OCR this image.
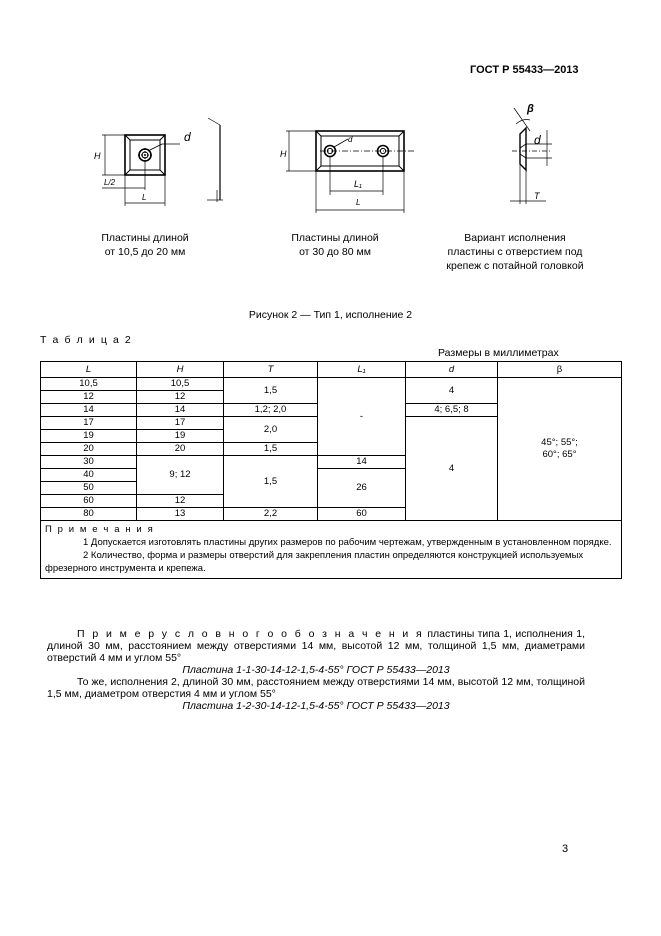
ГОСТ Р 55433—2013
d
H
L/2
L
H
d
L₁
L
β
d
T
Пластины длиной
от 10,5 до 20 мм
Пластины длиной
от 30 до 80 мм
Вариант исполнения
пластины с отверстием под
крепеж с потайной головкой
Рисунок 2 — Тип 1, исполнение 2
Т а б л и ц а 2
Размеры в миллиметрах
L	H	T	L₁	d	β
10,5	10,5	1,5	-	4	45°; 55°;
60°; 65°

12	12				
14	14	1,2; 2,0		4; 6,5; 8	
17	17	2,0		4	
19	19				
20	20	1,5			
30	9; 12	1,5	14		
40			26		
50					
60	12				
80	13	2,2	60		

П р и м е ч а н и я
1 Допускается изготовлять пластины других размеров по рабочим чертежам, утвержденным в установленном порядке.
2 Количество, форма и размеры отверстий для закрепления пластин определяются конструкцией используемых фрезерного инструмента и крепежа.					

П р и м е р у с л о в н о г о о б о з н а ч е н и я пластины типа 1, исполнения 1, длиной 30 мм, расстоянием между отверстиями 14 мм, высотой 12 мм, толщиной 1,5 мм, диаметрами отверстий 4 мм и углом 55°

Пластина 1-1-30-14-12-1,5-4-55° ГОСТ Р 55433—2013

То же, исполнения 2, длиной 30 мм, расстоянием между отверстиями 14 мм, высотой 12 мм, толщиной 1,5 мм, диаметром отверстия 4 мм и углом 55°

Пластина 1-2-30-14-12-1,5-4-55° ГОСТ Р 55433—2013

3
